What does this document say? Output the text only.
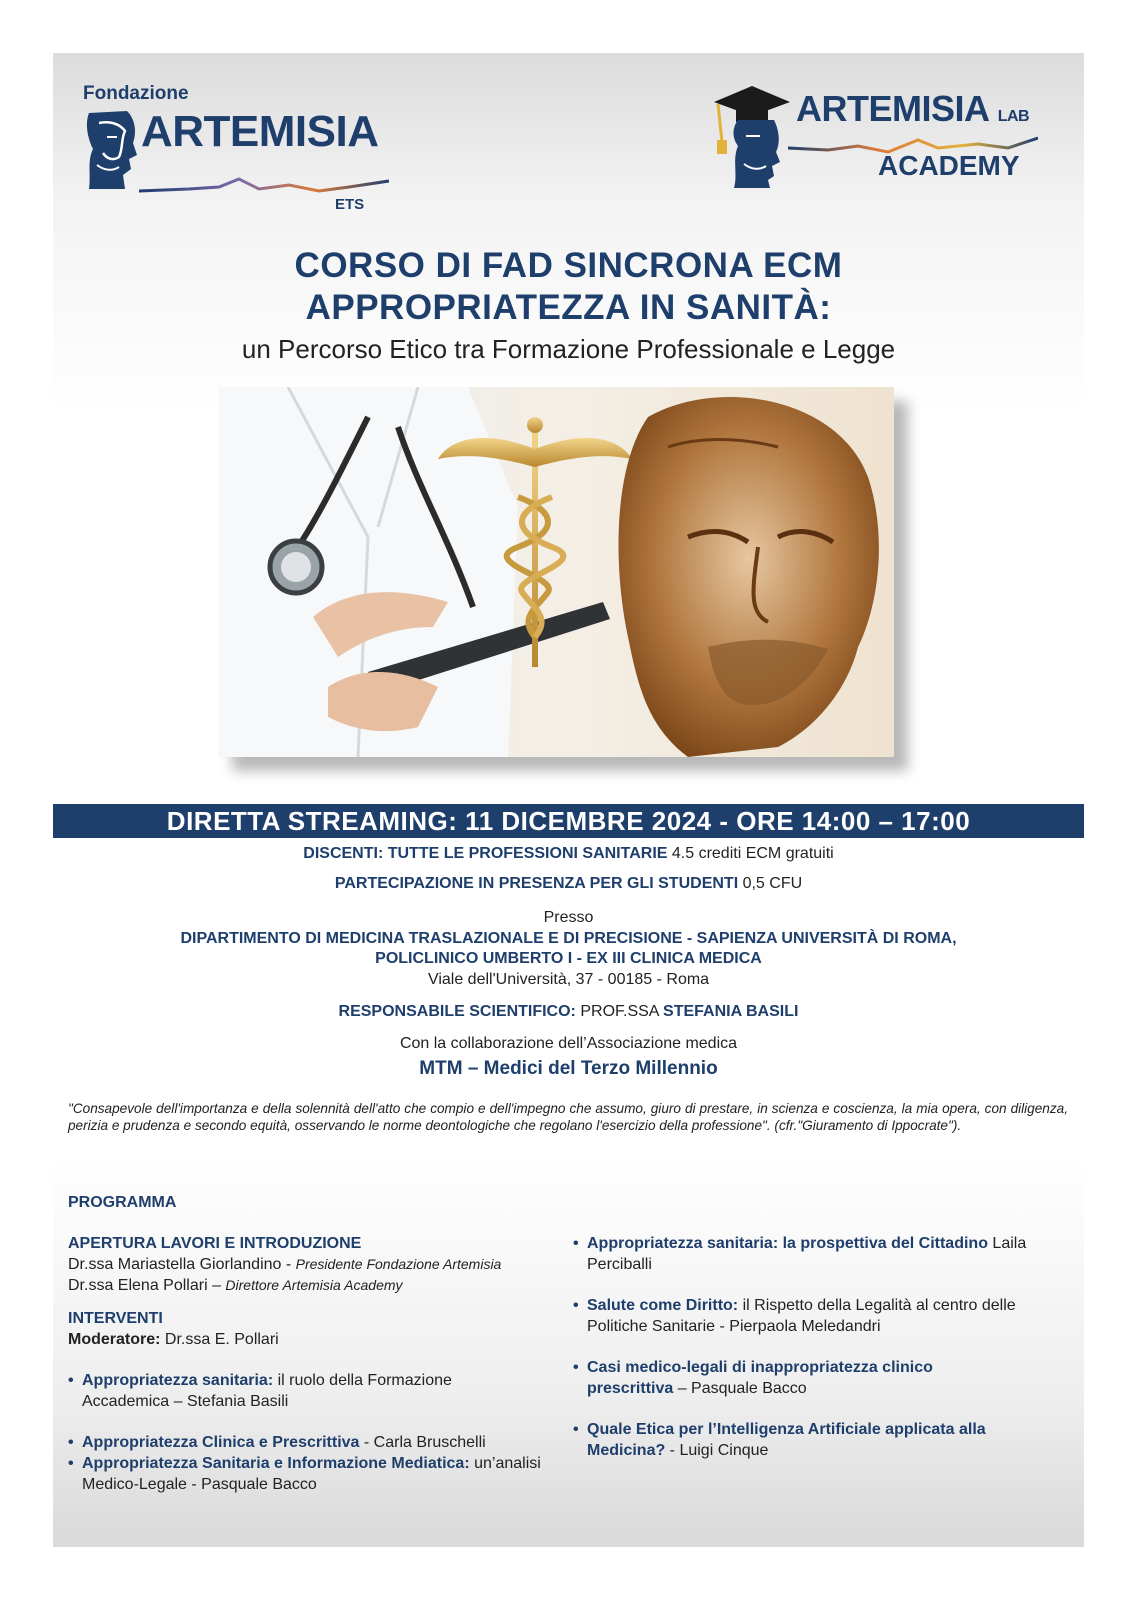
Fondazione
ARTEMISIA
ETS
ARTEMISIA LAB
ACADEMY
CORSO DI FAD SINCRONA ECM
APPROPRIATEZZA IN SANITÀ:
un Percorso Etico tra Formazione Professionale e Legge
DIRETTA STREAMING: 11 DICEMBRE 2024 - ORE 14:00 – 17:00
DISCENTI: TUTTE LE PROFESSIONI SANITARIE 4.5 crediti ECM gratuiti
PARTECIPAZIONE IN PRESENZA PER GLI STUDENTI 0,5 CFU
Presso
DIPARTIMENTO DI MEDICINA TRASLAZIONALE E DI PRECISIONE - SAPIENZA UNIVERSITÀ DI ROMA,
POLICLINICO UMBERTO I - EX III CLINICA MEDICA
Viale dell'Università, 37 - 00185 - Roma
RESPONSABILE SCIENTIFICO: PROF.SSA STEFANIA BASILI
Con la collaborazione dell’Associazione medica
MTM – Medici del Terzo Millennio
"Consapevole dell'importanza e della solennità dell'atto che compio e dell'impegno che assumo, giuro di prestare, in scienza e coscienza, la mia opera, con diligenza, perizia e prudenza e secondo equità, osservando le norme deontologiche che regolano l'esercizio della professione". (cfr."Giuramento di Ippocrate").
PROGRAMMA
APERTURA LAVORI E INTRODUZIONE
Dr.ssa Mariastella Giorlandino - Presidente Fondazione Artemisia
Dr.ssa Elena Pollari – Direttore Artemisia Academy
INTERVENTI
Moderatore: Dr.ssa E. Pollari
• Appropriatezza sanitaria: il ruolo della Formazione Accademica – Stefania Basili
• Appropriatezza Clinica e Prescrittiva - Carla Bruschelli
• Appropriatezza Sanitaria e Informazione Mediatica: un’analisi Medico-Legale - Pasquale Bacco
• Appropriatezza sanitaria: la prospettiva del Cittadino Laila Perciballi
• Salute come Diritto: il Rispetto della Legalità al centro delle Politiche Sanitarie - Pierpaola Meledandri
• Casi medico-legali di inappropriatezza clinico prescrittiva – Pasquale Bacco
• Quale Etica per l’Intelligenza Artificiale applicata alla Medicina? - Luigi Cinque
